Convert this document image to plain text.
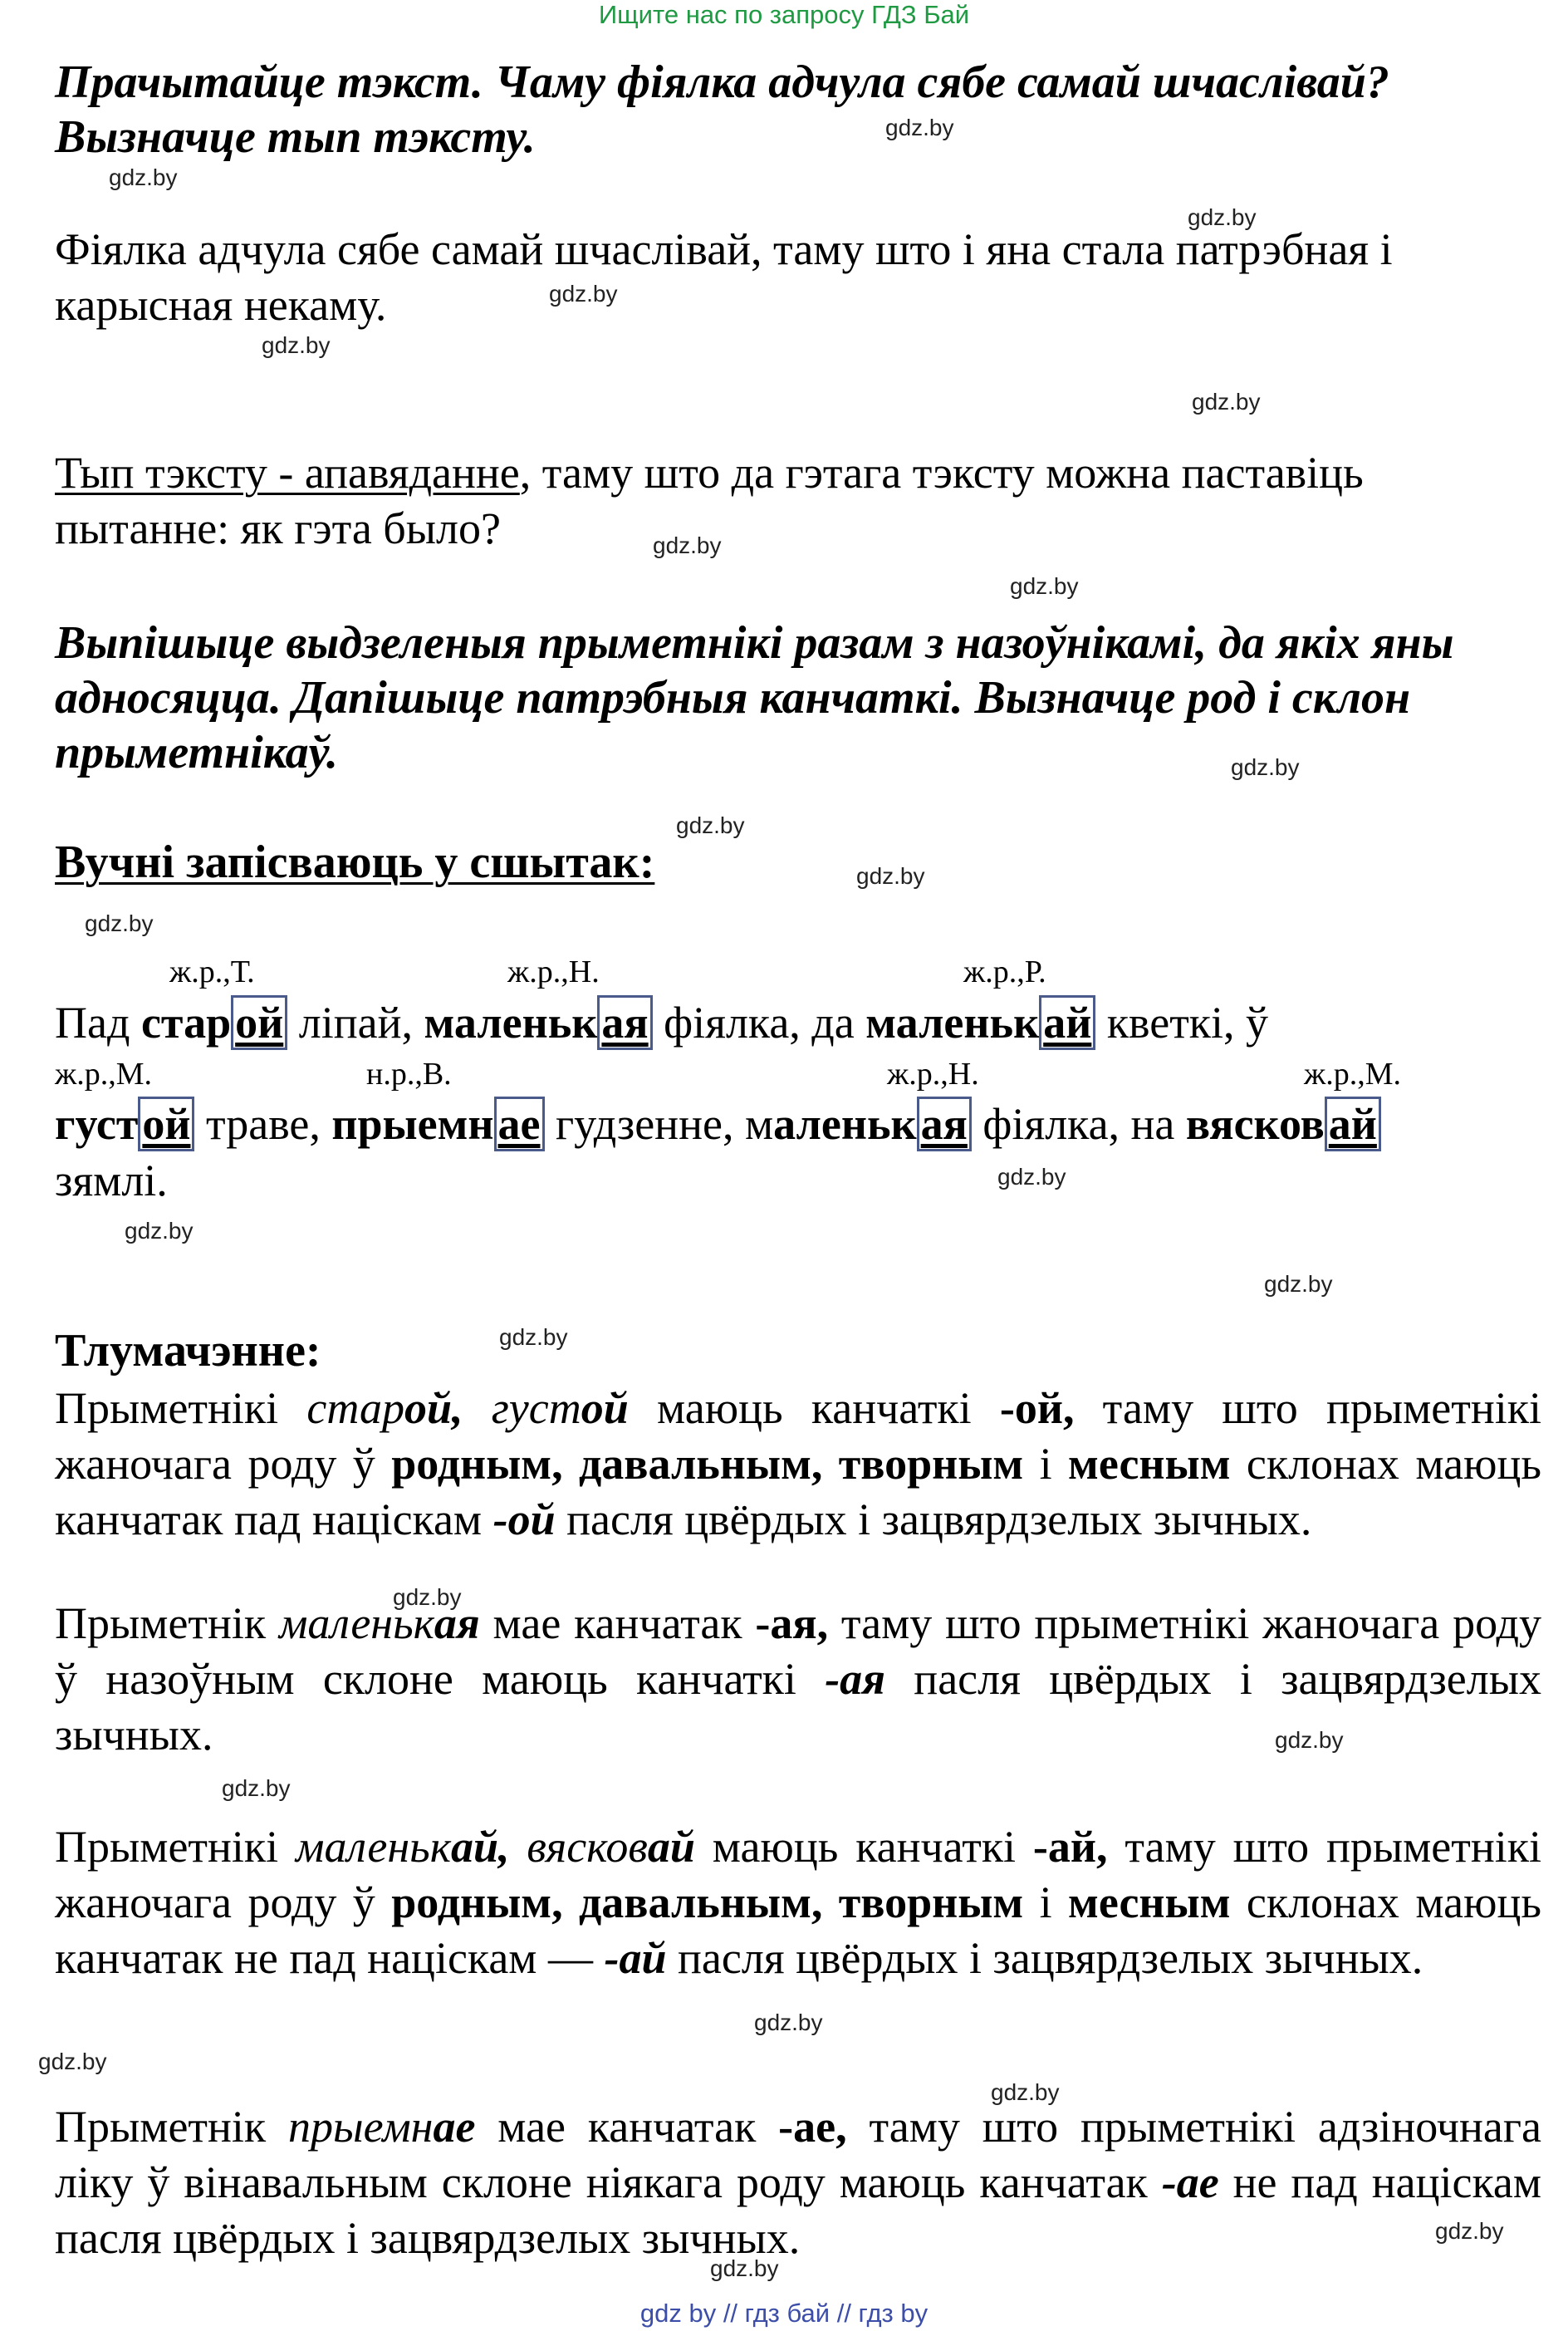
Ищите нас по запросу ГДЗ Бай
gdz by // гдз бай // гдз by
gdz.by
gdz.by
gdz.by
gdz.by
gdz.by
gdz.by
gdz.by
gdz.by
gdz.by
gdz.by
gdz.by
gdz.by
gdz.by
gdz.by
gdz.by
gdz.by
gdz.by
gdz.by
gdz.by
gdz.by
gdz.by
gdz.by
gdz.by
gdz.by
Прачытайце тэкст. Чаму фіялка адчула сябе самай шчаслівай?
Вызначце тып тэксту.
Фіялка адчула сябе самай шчаслівай, таму што і яна стала патрэбная і карысная некаму.
Тып тэксту - апавяданне, таму што да гэтага тэксту можна паставіць пытанне: як гэта было?
Выпішыце выдзеленыя прыметнікі разам з назоўнікамі, да якіх яны адносяцца. Дапішыце патрэбныя канчаткі. Вызначце род і склон прыметнікаў.
Вучні запісваюць у сшытак:
ж.р.,Т.	ж.р.,Н.	ж.р.,Р.
Пад старой ліпай, маленькая фіялка, да маленькай кветкі, ў
ж.р.,М.	н.р.,В.	ж.р.,Н.	ж.р.,М.
густой траве, прыемнае гудзенне, маленькая фіялка, на вясковай
зямлі.
Тлумачэнне:
Прыметнікі старой, густой маюць канчаткі -ой, таму што прыметнікі жаночага роду ў родным, давальным, творным і месным склонах маюць канчатак пад націскам -ой пасля цвёрдых і зацвярдзелых зычных.
Прыметнік маленькая мае канчатак -ая, таму што прыметнікі жаночага роду ў назоўным склоне маюць канчаткі -ая пасля цвёрдых і зацвярдзелых зычных.
Прыметнікі маленькай, вясковай маюць канчаткі -ай, таму што прыметнікі жаночага роду ў родным, давальным, творным і месным склонах маюць канчатак не пад націскам — -ай пасля цвёрдых і зацвярдзелых зычных.
Прыметнік прыемнае мае канчатак -ае, таму што прыметнікі адзіночнага ліку ў вінавальным склоне ніякага роду маюць канчатак -ае не пад націскам пасля цвёрдых і зацвярдзелых зычных.
